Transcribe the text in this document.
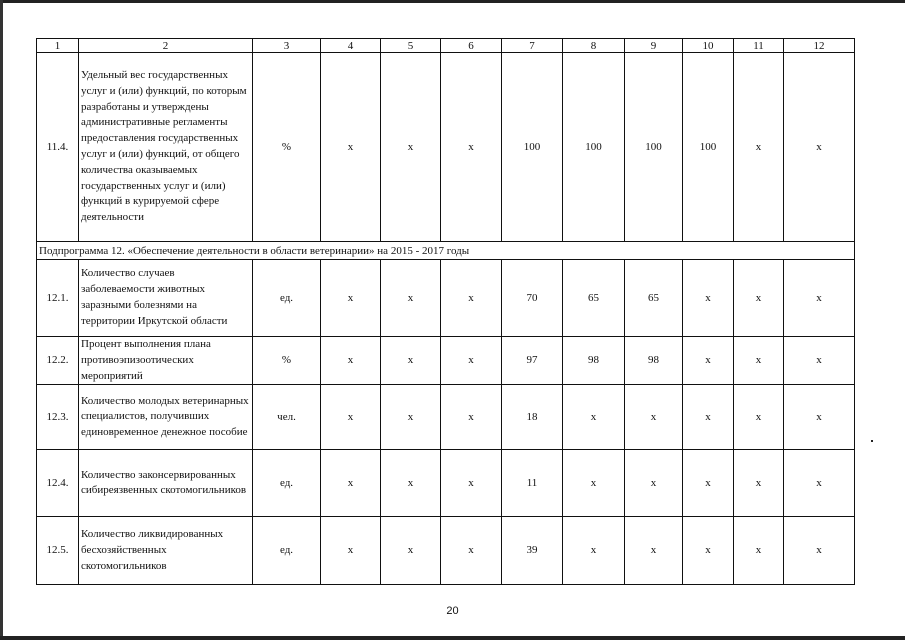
1	2	3	4	5	6	7	8	9	10	11	12
11.4.	Удельный вес государственных услуг и (или) функций, по которым разработаны и утверждены административные регламенты предоставления государственных услуг и (или) функций, от общего количества оказываемых государственных услуг и (или) функций в курируемой сфере деятельности	%	х	х	х	100	100	100	100	х	х
Подпрограмма 12. «Обеспечение деятельности в области ветеринарии» на 2015 - 2017 годы											
12.1.	Количество случаев заболеваемости животных заразными болезнями на территории Иркутской области	ед.	х	х	х	70	65	65	х	х	х
12.2.	Процент выполнения плана противоэпизоотических мероприятий	%	х	х	х	97	98	98	х	х	х
12.3.	Количество молодых ветеринарных специалистов, получивших единовременное денежное пособие	чел.	х	х	х	18	х	х	х	х	х
12.4.	Количество законсервированных сибиреязвенных скотомогильников	ед.	х	х	х	11	х	х	х	х	х
12.5.	Количество ликвидированных бесхозяйственных скотомогильников	ед.	х	х	х	39	х	х	х	х	х
20
